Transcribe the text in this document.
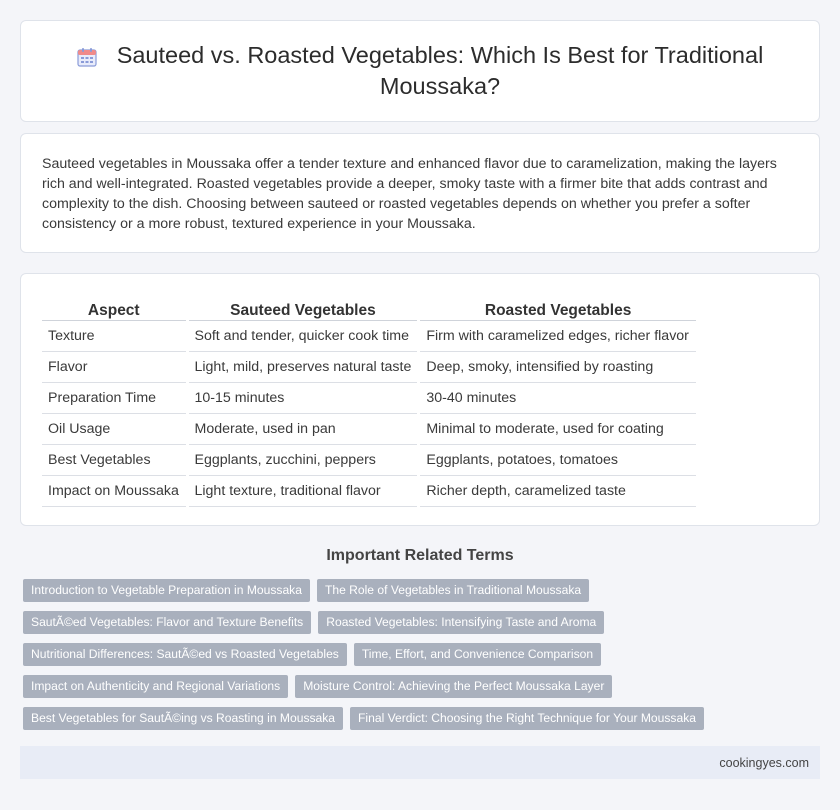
Sauteed vs. Roasted Vegetables: Which Is Best for Traditional Moussaka?

Sauteed vegetables in Moussaka offer a tender texture and enhanced flavor due to caramelization, making the layers rich and well-integrated. Roasted vegetables provide a deeper, smoky taste with a firmer bite that adds contrast and complexity to the dish. Choosing between sauteed or roasted vegetables depends on whether you prefer a softer consistency or a more robust, textured experience in your Moussaka.

Aspect	Sauteed Vegetables	Roasted Vegetables
Texture	Soft and tender, quicker cook time	Firm with caramelized edges, richer flavor
Flavor	Light, mild, preserves natural taste	Deep, smoky, intensified by roasting
Preparation Time	10-15 minutes	30-40 minutes
Oil Usage	Moderate, used in pan	Minimal to moderate, used for coating
Best Vegetables	Eggplants, zucchini, peppers	Eggplants, potatoes, tomatoes
Impact on Moussaka	Light texture, traditional flavor	Richer depth, caramelized taste
Important Related Terms
Introduction to Vegetable Preparation in Moussaka	The Role of Vegetables in Traditional Moussaka
SautÃ©ed Vegetables: Flavor and Texture Benefits	Roasted Vegetables: Intensifying Taste and Aroma
Nutritional Differences: SautÃ©ed vs Roasted Vegetables	Time, Effort, and Convenience Comparison
Impact on Authenticity and Regional Variations	Moisture Control: Achieving the Perfect Moussaka Layer
Best Vegetables for SautÃ©ing vs Roasting in Moussaka	Final Verdict: Choosing the Right Technique for Your Moussaka
cookingyes.com
